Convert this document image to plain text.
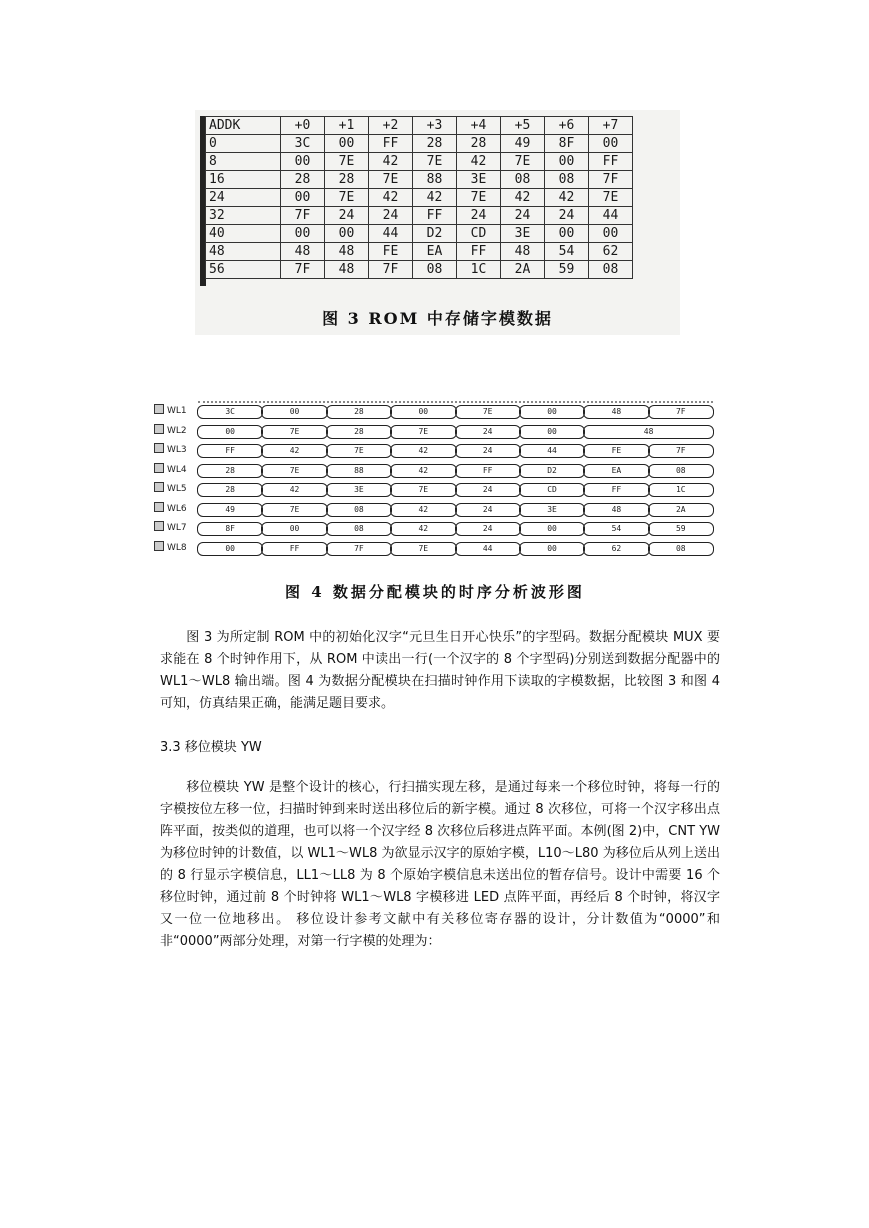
ADDK	+0	+1	+2	+3	+4	+5	+6	+7
0	3C	00	FF	28	28	49	8F	00
8	00	7E	42	7E	42	7E	00	FF
16	28	28	7E	88	3E	08	08	7F
24	00	7E	42	42	7E	42	42	7E
32	7F	24	24	FF	24	24	24	44
40	00	00	44	D2	CD	3E	00	00
48	48	48	FE	EA	FF	48	54	62
56	7F	48	7F	08	1C	2A	59	08
图 3 ROM 中存储字模数据
WL1	3C	00	28	00	7E	00	48	7F
WL2	00	7E	28	7E	24	00	48
WL3	FF	42	7E	42	24	44	FE	7F
WL4	28	7E	88	42	FF	D2	EA	08
WL5	28	42	3E	7E	24	CD	FF	1C
WL6	49	7E	08	42	24	3E	48	2A
WL7	8F	00	08	42	24	00	54	59
WL8	00	FF	7F	7E	44	00	62	08
图 4 数据分配模块的时序分析波形图
图 3 为所定制 ROM 中的初始化汉字“元旦生日开心快乐”的字型码。数据分配模块 MUX 要求能在 8 个时钟作用下，从 ROM 中读出一行(一个汉字的 8 个字型码)分别送到数据分配器中的 WL1～WL8 输出端。图 4 为数据分配模块在扫描时钟作用下读取的字模数据，比较图 3 和图 4 可知，仿真结果正确，能满足题目要求。
3.3 移位模块 YW
移位模块 YW 是整个设计的核心，行扫描实现左移，是通过每来一个移位时钟，将每一行的字模按位左移一位，扫描时钟到来时送出移位后的新字模。通过 8 次移位，可将一个汉字移出点阵平面，按类似的道理，也可以将一个汉字经 8 次移位后移进点阵平面。本例(图 2)中，CNT YW 为移位时钟的计数值，以 WL1～WL8 为欲显示汉字的原始字模，L10～L80 为移位后从列上送出的 8 行显示字模信息，LL1～LL8 为 8 个原始字模信息未送出位的暂存信号。设计中需要 16 个移位时钟，通过前 8 个时钟将 WL1～WL8 字模移进 LED 点阵平面，再经后 8 个时钟，将汉字又一位一位地移出。 移位设计参考文献中有关移位寄存器的设计，分计数值为“0000”和非“0000”两部分处理，对第一行字模的处理为：
